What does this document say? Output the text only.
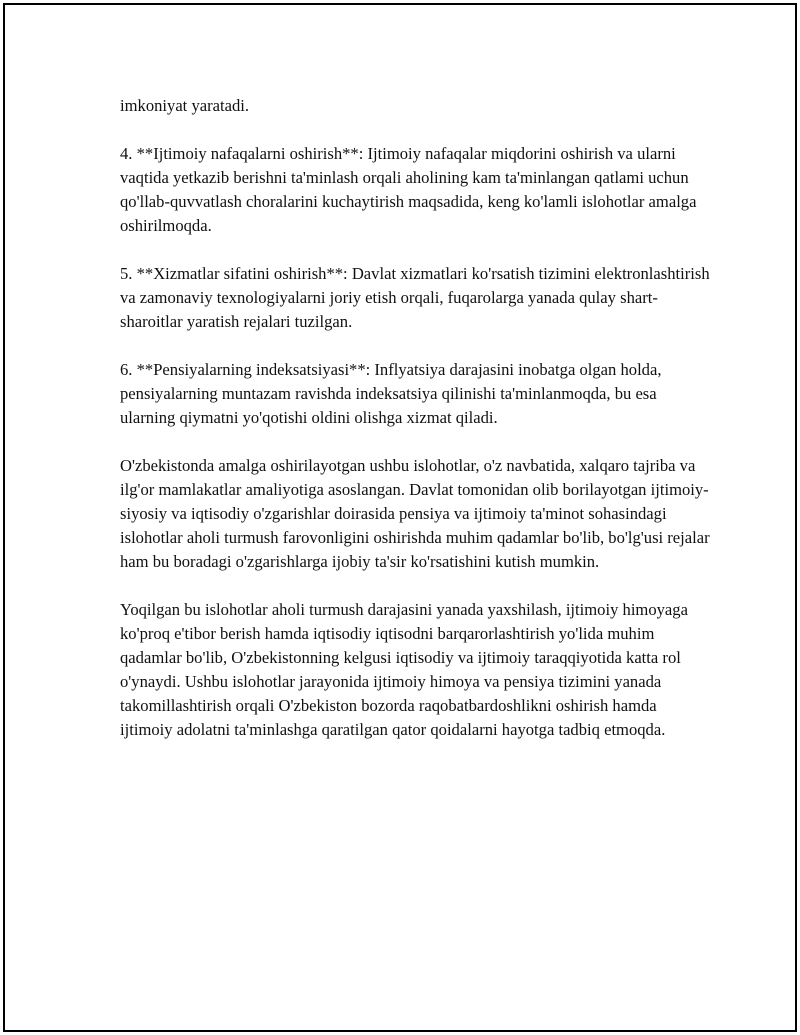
imkoniyat yaratadi.

4. **Ijtimoiy nafaqalarni oshirish**: Ijtimoiy nafaqalar miqdorini oshirish va ularni vaqtida yetkazib berishni ta'minlash orqali aholining kam ta'minlangan qatlami uchun qo'llab-quvvatlash choralarini kuchaytirish maqsadida, keng ko'lamli islohotlar amalga oshirilmoqda.

5. **Xizmatlar sifatini oshirish**: Davlat xizmatlari ko'rsatish tizimini elektronlashtirish va zamonaviy texnologiyalarni joriy etish orqali, fuqarolarga yanada qulay shart-sharoitlar yaratish rejalari tuzilgan.

6. **Pensiyalarning indeksatsiyasi**: Inflyatsiya darajasini inobatga olgan holda, pensiyalarning muntazam ravishda indeksatsiya qilinishi ta'minlanmoqda, bu esa ularning qiymatni yo'qotishi oldini olishga xizmat qiladi.

O'zbekistonda amalga oshirilayotgan ushbu islohotlar, o'z navbatida, xalqaro tajriba va ilg'or mamlakatlar amaliyotiga asoslangan. Davlat tomonidan olib borilayotgan ijtimoiy-siyosiy va iqtisodiy o'zgarishlar doirasida pensiya va ijtimoiy ta'minot sohasindagi islohotlar aholi turmush farovonligini oshirishda muhim qadamlar bo'lib, bo'lg'usi rejalar ham bu boradagi o'zgarishlarga ijobiy ta'sir ko'rsatishini kutish mumkin.

Yoqilgan bu islohotlar aholi turmush darajasini yanada yaxshilash, ijtimoiy himoyaga ko'proq e'tibor berish hamda iqtisodiy iqtisodni barqarorlashtirish yo'lida muhim qadamlar bo'lib, O'zbekistonning kelgusi iqtisodiy va ijtimoiy taraqqiyotida katta rol o'ynaydi. Ushbu islohotlar jarayonida ijtimoiy himoya va pensiya tizimini yanada takomillashtirish orqali O'zbekiston bozorda raqobatbardoshlikni oshirish hamda ijtimoiy adolatni ta'minlashga qaratilgan qator qoidalarni hayotga tadbiq etmoqda.
